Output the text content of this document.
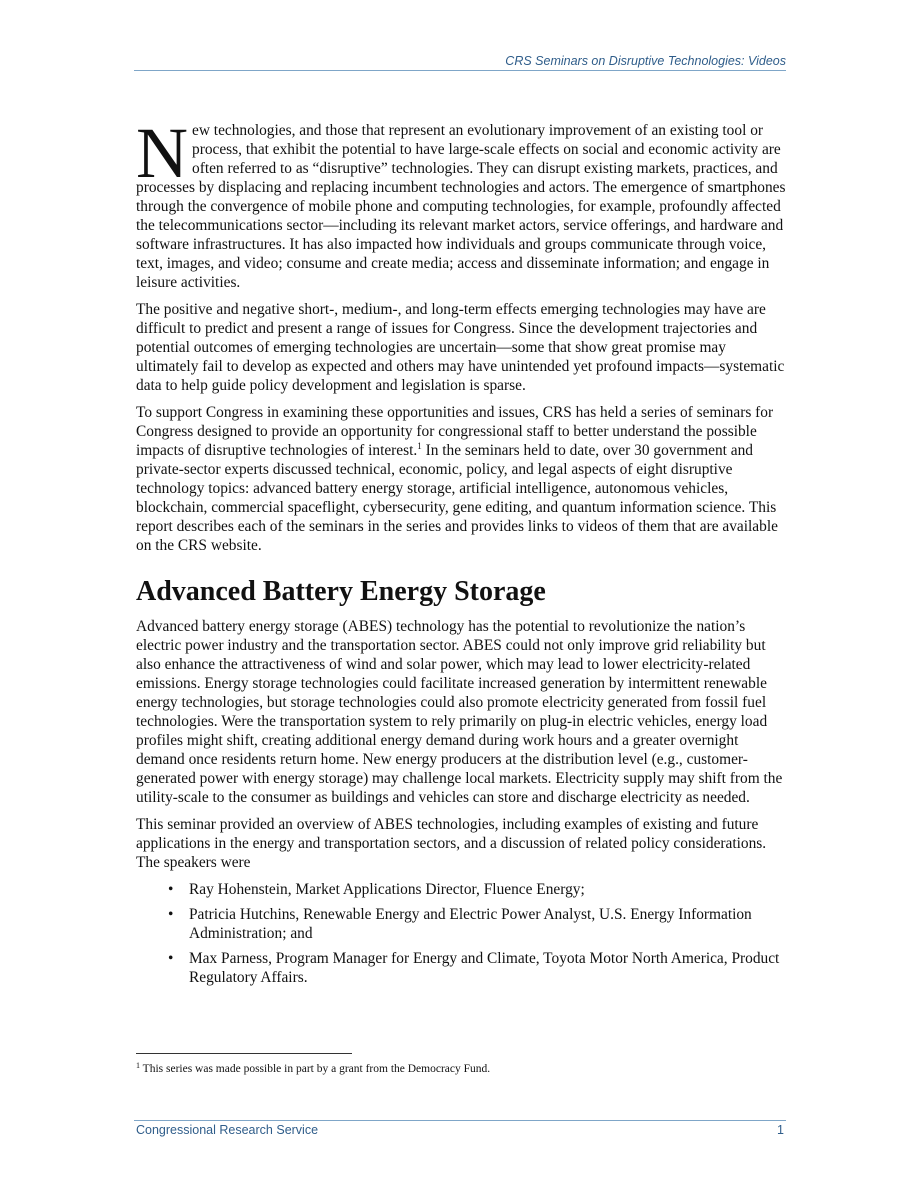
CRS Seminars on Disruptive Technologies: Videos

New technologies, and those that represent an evolutionary improvement of an existing tool or process, that exhibit the potential to have large-scale effects on social and economic activity are often referred to as “disruptive” technologies. They can disrupt existing markets, practices, and processes by displacing and replacing incumbent technologies and actors. The emergence of smartphones through the convergence of mobile phone and computing technologies, for example, profoundly affected the telecommunications sector—including its relevant market actors, service offerings, and hardware and software infrastructures. It has also impacted how individuals and groups communicate through voice, text, images, and video; consume and create media; access and disseminate information; and engage in leisure activities.

The positive and negative short-, medium-, and long-term effects emerging technologies may have are difficult to predict and present a range of issues for Congress. Since the development trajectories and potential outcomes of emerging technologies are uncertain—some that show great promise may ultimately fail to develop as expected and others may have unintended yet profound impacts—systematic data to help guide policy development and legislation is sparse.

To support Congress in examining these opportunities and issues, CRS has held a series of seminars for Congress designed to provide an opportunity for congressional staff to better understand the possible impacts of disruptive technologies of interest.$^1$ In the seminars held to date, over 30 government and private-sector experts discussed technical, economic, policy, and legal aspects of eight disruptive technology topics: advanced battery energy storage, artificial intelligence, autonomous vehicles, blockchain, commercial spaceflight, cybersecurity, gene editing, and quantum information science. This report describes each of the seminars in the series and provides links to videos of them that are available on the CRS website.

Advanced Battery Energy Storage

Advanced battery energy storage (ABES) technology has the potential to revolutionize the nation’s electric power industry and the transportation sector. ABES could not only improve grid reliability but also enhance the attractiveness of wind and solar power, which may lead to lower electricity-related emissions. Energy storage technologies could facilitate increased generation by intermittent renewable energy technologies, but storage technologies could also promote electricity generated from fossil fuel technologies. Were the transportation system to rely primarily on plug-in electric vehicles, energy load profiles might shift, creating additional energy demand during work hours and a greater overnight demand once residents return home. New energy producers at the distribution level (e.g., customer-generated power with energy storage) may challenge local markets. Electricity supply may shift from the utility-scale to the consumer as buildings and vehicles can store and discharge electricity as needed.

This seminar provided an overview of ABES technologies, including examples of existing and future applications in the energy and transportation sectors, and a discussion of related policy considerations. The speakers were

• Ray Hohenstein, Market Applications Director, Fluence Energy;
• Patricia Hutchins, Renewable Energy and Electric Power Analyst, U.S. Energy Information Administration; and
• Max Parness, Program Manager for Energy and Climate, Toyota Motor North America, Product Regulatory Affairs.

$^1$ This series was made possible in part by a grant from the Democracy Fund.

Congressional Research Service	1
